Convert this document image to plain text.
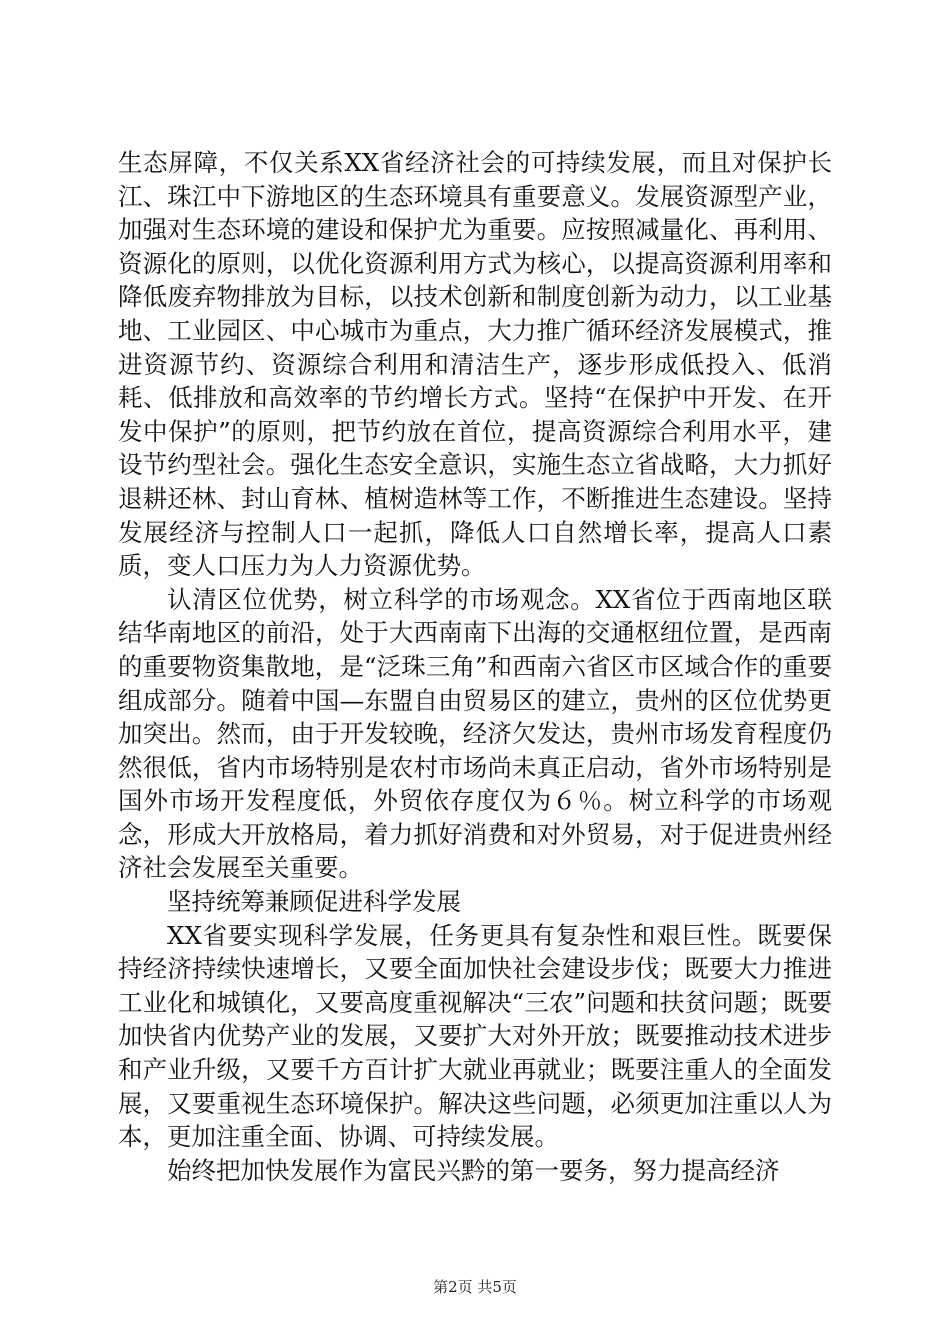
生态屏障，不仅关系XX省经济社会的可持续发展，而且对保护长江、珠江中下游地区的生态环境具有重要意义。发展资源型产业，加强对生态环境的建设和保护尤为重要。应按照减量化、再利用、资源化的原则，以优化资源利用方式为核心，以提高资源利用率和降低废弃物排放为目标，以技术创新和制度创新为动力，以工业基地、工业园区、中心城市为重点，大力推广循环经济发展模式，推进资源节约、资源综合利用和清洁生产，逐步形成低投入、低消耗、低排放和高效率的节约增长方式。坚持“在保护中开发、在开发中保护”的原则，把节约放在首位，提高资源综合利用水平，建设节约型社会。强化生态安全意识，实施生态立省战略，大力抓好退耕还林、封山育林、植树造林等工作，不断推进生态建设。坚持发展经济与控制人口一起抓，降低人口自然增长率，提高人口素质，变人口压力为人力资源优势。

认清区位优势，树立科学的市场观念。XX省位于西南地区联结华南地区的前沿，处于大西南南下出海的交通枢纽位置，是西南的重要物资集散地，是“泛珠三角”和西南六省区市区域合作的重要组成部分。随着中国—东盟自由贸易区的建立，贵州的区位优势更加突出。然而，由于开发较晚，经济欠发达，贵州市场发育程度仍然很低，省内市场特别是农村市场尚未真正启动，省外市场特别是国外市场开发程度低，外贸依存度仅为６％。树立科学的市场观念，形成大开放格局，着力抓好消费和对外贸易，对于促进贵州经济社会发展至关重要。

坚持统筹兼顾促进科学发展

XX省要实现科学发展，任务更具有复杂性和艰巨性。既要保持经济持续快速增长，又要全面加快社会建设步伐；既要大力推进工业化和城镇化，又要高度重视解决“三农”问题和扶贫问题；既要加快省内优势产业的发展，又要扩大对外开放；既要推动技术进步和产业升级，又要千方百计扩大就业再就业；既要注重人的全面发展，又要重视生态环境保护。解决这些问题，必须更加注重以人为本，更加注重全面、协调、可持续发展。

始终把加快发展作为富民兴黔的第一要务，努力提高经济

第2页 共5页
